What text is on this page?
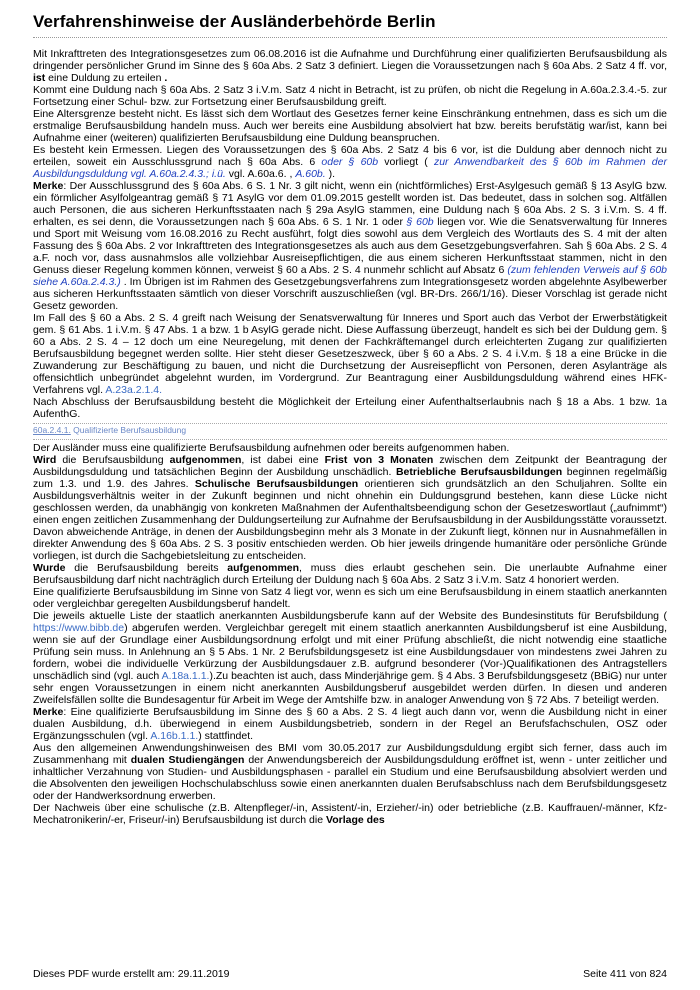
Verfahrenshinweise der Ausländerbehörde Berlin

Mit Inkrafttreten des Integrationsgesetzes zum 06.08.2016 ist die Aufnahme und Durchführung einer qualifizierten Berufsausbildung als dringender persönlicher Grund im Sinne des § 60a Abs. 2 Satz 3 definiert. Liegen die Voraussetzungen nach § 60a Abs. 2 Satz 4 ff. vor, ist eine Duldung zu erteilen .

Kommt eine Duldung nach § 60a Abs. 2 Satz 3 i.V.m. Satz 4 nicht in Betracht, ist zu prüfen, ob nicht die Regelung in A.60a.2.3.4.-5. zur Fortsetzung einer Schul- bzw. zur Fortsetzung einer Berufsausbildung greift.

Eine Altersgrenze besteht nicht. Es lässt sich dem Wortlaut des Gesetzes ferner keine Einschränkung entnehmen, dass es sich um die erstmalige Berufsausbildung handeln muss. Auch wer bereits eine Ausbildung absolviert hat bzw. bereits berufstätig war/ist, kann bei Aufnahme einer (weiteren) qualifizierten Berufsausbildung eine Duldung beanspruchen.

Es besteht kein Ermessen. Liegen des Voraussetzungen des § 60a Abs. 2 Satz 4 bis 6 vor, ist die Duldung aber dennoch nicht zu erteilen, soweit ein Ausschlussgrund nach § 60a Abs. 6 oder § 60b vorliegt ( zur Anwendbarkeit des § 60b im Rahmen der Ausbildungsduldung vgl. A.60a.2.4.3.; i.ü. vgl. A.60a.6. , A.60b. ).

Merke: Der Ausschlussgrund des § 60a Abs. 6 S. 1 Nr. 3 gilt nicht, wenn ein (nichtförmliches) Erst-Asylgesuch gemäß § 13 AsylG bzw. ein förmlicher Asylfolgeantrag gemäß § 71 AsylG vor dem 01.09.2015 gestellt worden ist. Das bedeutet, dass in solchen sog. Altfällen auch Personen, die aus sicheren Herkunftsstaaten nach § 29a AsylG stammen, eine Duldung nach § 60a Abs. 2 S. 3 i.V.m. S. 4 ff. erhalten, es sei denn, die Voraussetzungen nach § 60a Abs. 6 S. 1 Nr. 1 oder § 60b liegen vor. Wie die Senatsverwaltung für Inneres und Sport mit Weisung vom 16.08.2016 zu Recht ausführt, folgt dies sowohl aus dem Vergleich des Wortlauts des S. 4 mit der alten Fassung des § 60a Abs. 2 vor Inkrafttreten des Integrationsgesetzes als auch aus dem Gesetzgebungsverfahren. Sah § 60a Abs. 2 S. 4 a.F. noch vor, dass ausnahmslos alle vollziehbar Ausreisepflichtigen, die aus einem sicheren Herkunftsstaat stammen, nicht in den Genuss dieser Regelung kommen können, verweist § 60 a Abs. 2 S. 4 nunmehr schlicht auf Absatz 6 (zum fehlenden Verweis auf § 60b siehe A.60a.2.4.3.) . Im Übrigen ist im Rahmen des Gesetzgebungsverfahrens zum Integrationsgesetz worden abgelehnte Asylbewerber aus sicheren Herkunftsstaaten sämtlich von dieser Vorschrift auszuschließen (vgl. BR-Drs. 266/1/16). Dieser Vorschlag ist gerade nicht Gesetz geworden.

Im Fall des § 60 a Abs. 2 S. 4 greift nach Weisung der Senatsverwaltung für Inneres und Sport auch das Verbot der Erwerbstätigkeit gem. § 61 Abs. 1 i.V.m. § 47 Abs. 1 a bzw. 1 b AsylG gerade nicht. Diese Auffassung überzeugt, handelt es sich bei der Duldung gem. § 60 a Abs. 2 S. 4 – 12 doch um eine Neuregelung, mit denen der Fachkräftemangel durch erleichterten Zugang zur qualifizierten Berufsausbildung begegnet werden sollte. Hier steht dieser Gesetzeszweck, über § 60 a Abs. 2 S. 4 i.V.m. § 18 a eine Brücke in die Zuwanderung zur Beschäftigung zu bauen, und nicht die Durchsetzung der Ausreisepflicht von Personen, deren Asylanträge als offensichtlich unbegründet abgelehnt wurden, im Vordergrund. Zur Beantragung einer Ausbildungsduldung während eines HFK-Verfahrens vgl. A.23a.2.1.4.

Nach Abschluss der Berufsausbildung besteht die Möglichkeit der Erteilung einer Aufenthaltserlaubnis nach § 18 a Abs. 1 bzw. 1a AufenthG.

60a.2.4.1. Qualifizierte Berufsausbildung

Der Ausländer muss eine qualifizierte Berufsausbildung aufnehmen oder bereits aufgenommen haben.

Wird die Berufsausbildung aufgenommen, ist dabei eine Frist von 3 Monaten zwischen dem Zeitpunkt der Beantragung der Ausbildungsduldung und tatsächlichen Beginn der Ausbildung unschädlich. Betriebliche Berufsausbildungen beginnen regelmäßig zum 1.3. und 1.9. des Jahres. Schulische Berufsausbildungen orientieren sich grundsätzlich an den Schuljahren. Sollte ein Ausbildungsverhältnis weiter in der Zukunft beginnen und nicht ohnehin ein Duldungsgrund bestehen, kann diese Lücke nicht geschlossen werden, da unabhängig von konkreten Maßnahmen der Aufenthaltsbeendigung schon der Gesetzeswortlaut („aufnimmt“) einen engen zeitlichen Zusammenhang der Duldungserteilung zur Aufnahme der Berufsausbildung in der Ausbildungsstätte voraussetzt. Davon abweichende Anträge, in denen der Ausbildungsbeginn mehr als 3 Monate in der Zukunft liegt, können nur in Ausnahmefällen in direkter Anwendung des § 60a Abs. 2 S. 3 positiv entschieden werden. Ob hier jeweils dringende humanitäre oder persönliche Gründe vorliegen, ist durch die Sachgebietsleitung zu entscheiden.

Wurde die Berufsausbildung bereits aufgenommen, muss dies erlaubt geschehen sein. Die unerlaubte Aufnahme einer Berufsausbildung darf nicht nachträglich durch Erteilung der Duldung nach § 60a Abs. 2 Satz 3 i.V.m. Satz 4 honoriert werden.

Eine qualifizierte Berufsausbildung im Sinne von Satz 4 liegt vor, wenn es sich um eine Berufsausbildung in einem staatlich anerkannten oder vergleichbar geregelten Ausbildungsberuf handelt.

Die jeweils aktuelle Liste der staatlich anerkannten Ausbildungsberufe kann auf der Website des Bundesinstituts für Berufsbildung ( https://www.bibb.de) abgerufen werden. Vergleichbar geregelt mit einem staatlich anerkannten Ausbildungsberuf ist eine Ausbildung, wenn sie auf der Grundlage einer Ausbildungsordnung erfolgt und mit einer Prüfung abschließt, die nicht notwendig eine staatliche Prüfung sein muss. In Anlehnung an § 5 Abs. 1 Nr. 2 Berufsbildungsgesetz ist eine Ausbildungsdauer von mindestens zwei Jahren zu fordern, wobei die individuelle Verkürzung der Ausbildungsdauer z.B. aufgrund besonderer (Vor-)Qualifikationen des Antragstellers unschädlich sind (vgl. auch A.18a.1.1.).Zu beachten ist auch, dass Minderjährige gem. § 4 Abs. 3 Berufsbildungsgesetz (BBiG) nur unter sehr engen Voraussetzungen in einem nicht anerkannten Ausbildungsberuf ausgebildet werden dürfen. In diesen und anderen Zweifelsfällen sollte die Bundesagentur für Arbeit im Wege der Amtshilfe bzw. in analoger Anwendung von § 72 Abs. 7 beteiligt werden.

Merke: Eine qualifizierte Berufsausbildung im Sinne des § 60 a Abs. 2 S. 4 liegt auch dann vor, wenn die Ausbildung nicht in einer dualen Ausbildung, d.h. überwiegend in einem Ausbildungsbetrieb, sondern in der Regel an Berufsfachschulen, OSZ oder Ergänzungsschulen (vgl. A.16b.1.1.) stattfindet.

Aus den allgemeinen Anwendungshinweisen des BMI vom 30.05.2017 zur Ausbildungsduldung ergibt sich ferner, dass auch im Zusammenhang mit dualen Studiengängen der Anwendungsbereich der Ausbildungsduldung eröffnet ist, wenn - unter zeitlicher und inhaltlicher Verzahnung von Studien- und Ausbildungsphasen - parallel ein Studium und eine Berufsausbildung absolviert werden und die Absolventen den jeweiligen Hochschulabschluss sowie einen anerkannten dualen Berufsabschluss nach dem Berufsbildungsgesetz oder der Handwerksordnung erwerben.

Der Nachweis über eine schulische (z.B. Altenpfleger/-in, Assistent/-in, Erzieher/-in) oder betriebliche (z.B. Kauffrauen/-männer, Kfz-Mechatronikerin/-er, Friseur/-in) Berufsausbildung ist durch die Vorlage des

Dieses PDF wurde erstellt am: 29.11.2019	Seite 411 von 824
